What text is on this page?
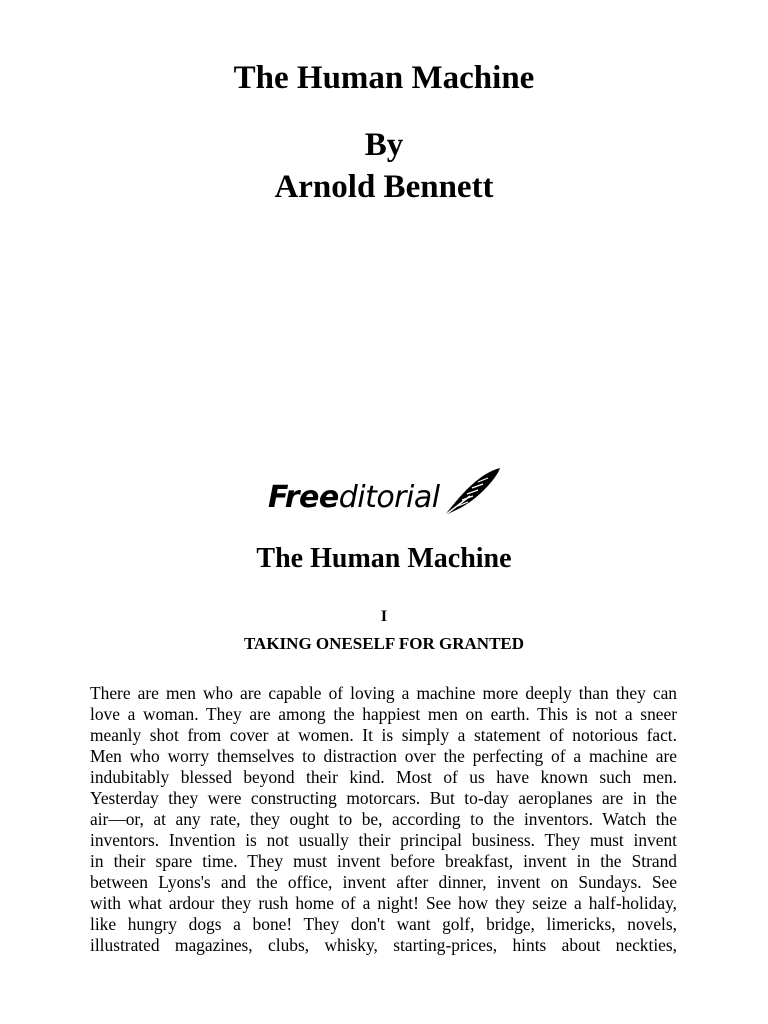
The Human Machine
By
Arnold Bennett
Freeditorial
The Human Machine
I
TAKING ONESELF FOR GRANTED
There are men who are capable of loving a machine more deeply than they can
love a woman. They are among the happiest men on earth. This is not a sneer
meanly shot from cover at women. It is simply a statement of notorious fact.
Men who worry themselves to distraction over the perfecting of a machine are
indubitably blessed beyond their kind. Most of us have known such men.
Yesterday they were constructing motorcars. But to-day aeroplanes are in the
air—or, at any rate, they ought to be, according to the inventors. Watch the
inventors. Invention is not usually their principal business. They must invent
in their spare time. They must invent before breakfast, invent in the Strand
between Lyons's and the office, invent after dinner, invent on Sundays. See
with what ardour they rush home of a night! See how they seize a half-holiday,
like hungry dogs a bone! They don't want golf, bridge, limericks, novels,
illustrated magazines, clubs, whisky, starting-prices, hints about neckties,
